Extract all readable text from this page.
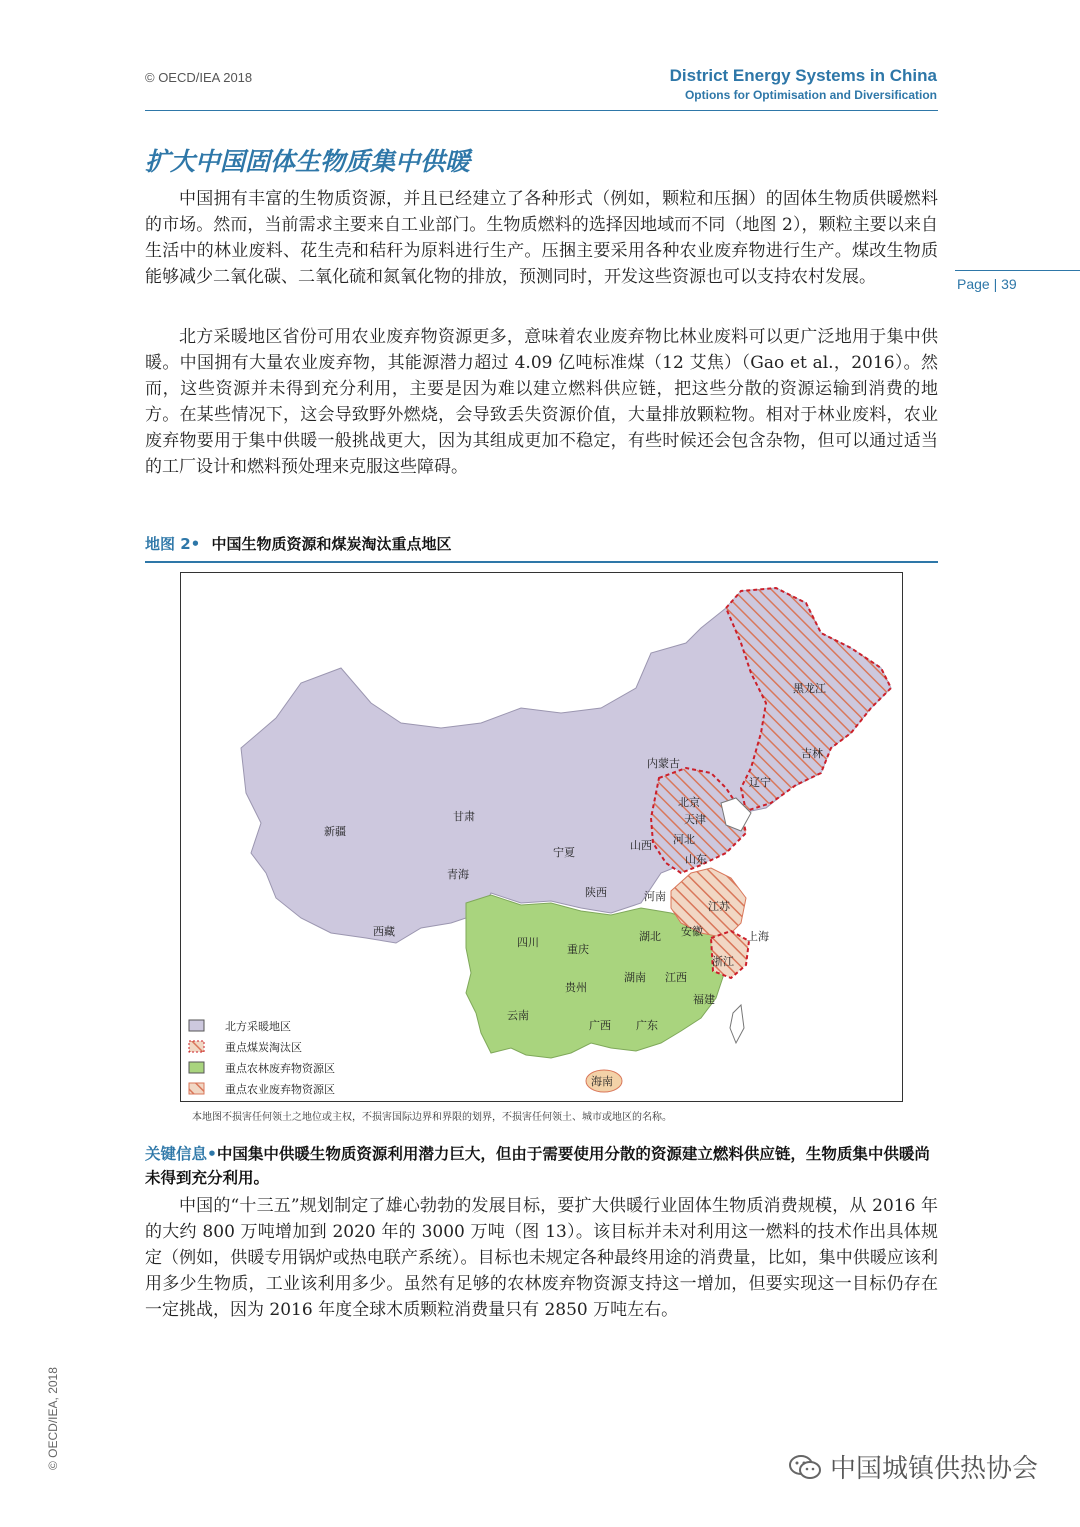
© OECD/IEA 2018	District Energy Systems in China
Options for Optimisation and Diversification
Page | 39
扩大中国固体生物质集中供暖

中国拥有丰富的生物质资源，并且已经建立了各种形式（例如，颗粒和压捆）的固体生物质供暖燃料的市场。然而，当前需求主要来自工业部门。生物质燃料的选择因地域而不同（地图 2），颗粒主要以来自生活中的林业废料、花生壳和秸秆为原料进行生产。压捆主要采用各种农业废弃物进行生产。煤改生物质能够减少二氧化碳、二氧化硫和氮氧化物的排放，预测同时，开发这些资源也可以支持农村发展。

北方采暖地区省份可用农业废弃物资源更多，意味着农业废弃物比林业废料可以更广泛地用于集中供暖。中国拥有大量农业废弃物，其能源潜力超过 4.09 亿吨标准煤（12 艾焦）（Gao et al.，2016）。然而，这些资源并未得到充分利用，主要是因为难以建立燃料供应链，把这些分散的资源运输到消费的地方。在某些情况下，这会导致野外燃烧，会导致丢失资源价值，大量排放颗粒物。相对于林业废料，农业废弃物要用于集中供暖一般挑战更大，因为其组成更加不稳定，有些时候还会包含杂物，但可以通过适当的工厂设计和燃料预处理来克服这些障碍。

地图 2• 中国生物质资源和煤炭淘汰重点地区
新疆
西藏
青海
甘肃
内蒙古
黑龙江
吉林
辽宁
北京
天津
河北
山西
山东
宁夏
陕西	河南
江苏
安徽	上海
浙江
湖北
四川
重庆
湖南 江西
贵州
福建
云南
广西 广东
海南
北方采暖地区
重点煤炭淘汰区
重点农林废弃物资源区
重点农业废弃物资源区
本地图不损害任何领土之地位或主权，不损害国际边界和界限的划界，不损害任何领土、城市或地区的名称。
关键信息•中国集中供暖生物质资源利用潜力巨大，但由于需要使用分散的资源建立燃料供应链，生物质集中供暖尚未得到充分利用。

中国的“十三五”规划制定了雄心勃勃的发展目标，要扩大供暖行业固体生物质消费规模，从 2016 年的大约 800 万吨增加到 2020 年的 3000 万吨（图 13）。该目标并未对利用这一燃料的技术作出具体规定（例如，供暖专用锅炉或热电联产系统）。目标也未规定各种最终用途的消费量，比如，集中供暖应该利用多少生物质，工业该利用多少。虽然有足够的农林废弃物资源支持这一增加，但要实现这一目标仍存在一定挑战，因为 2016 年度全球木质颗粒消费量只有 2850 万吨左右。

© OECD/IEA, 2018	中国城镇供热协会
